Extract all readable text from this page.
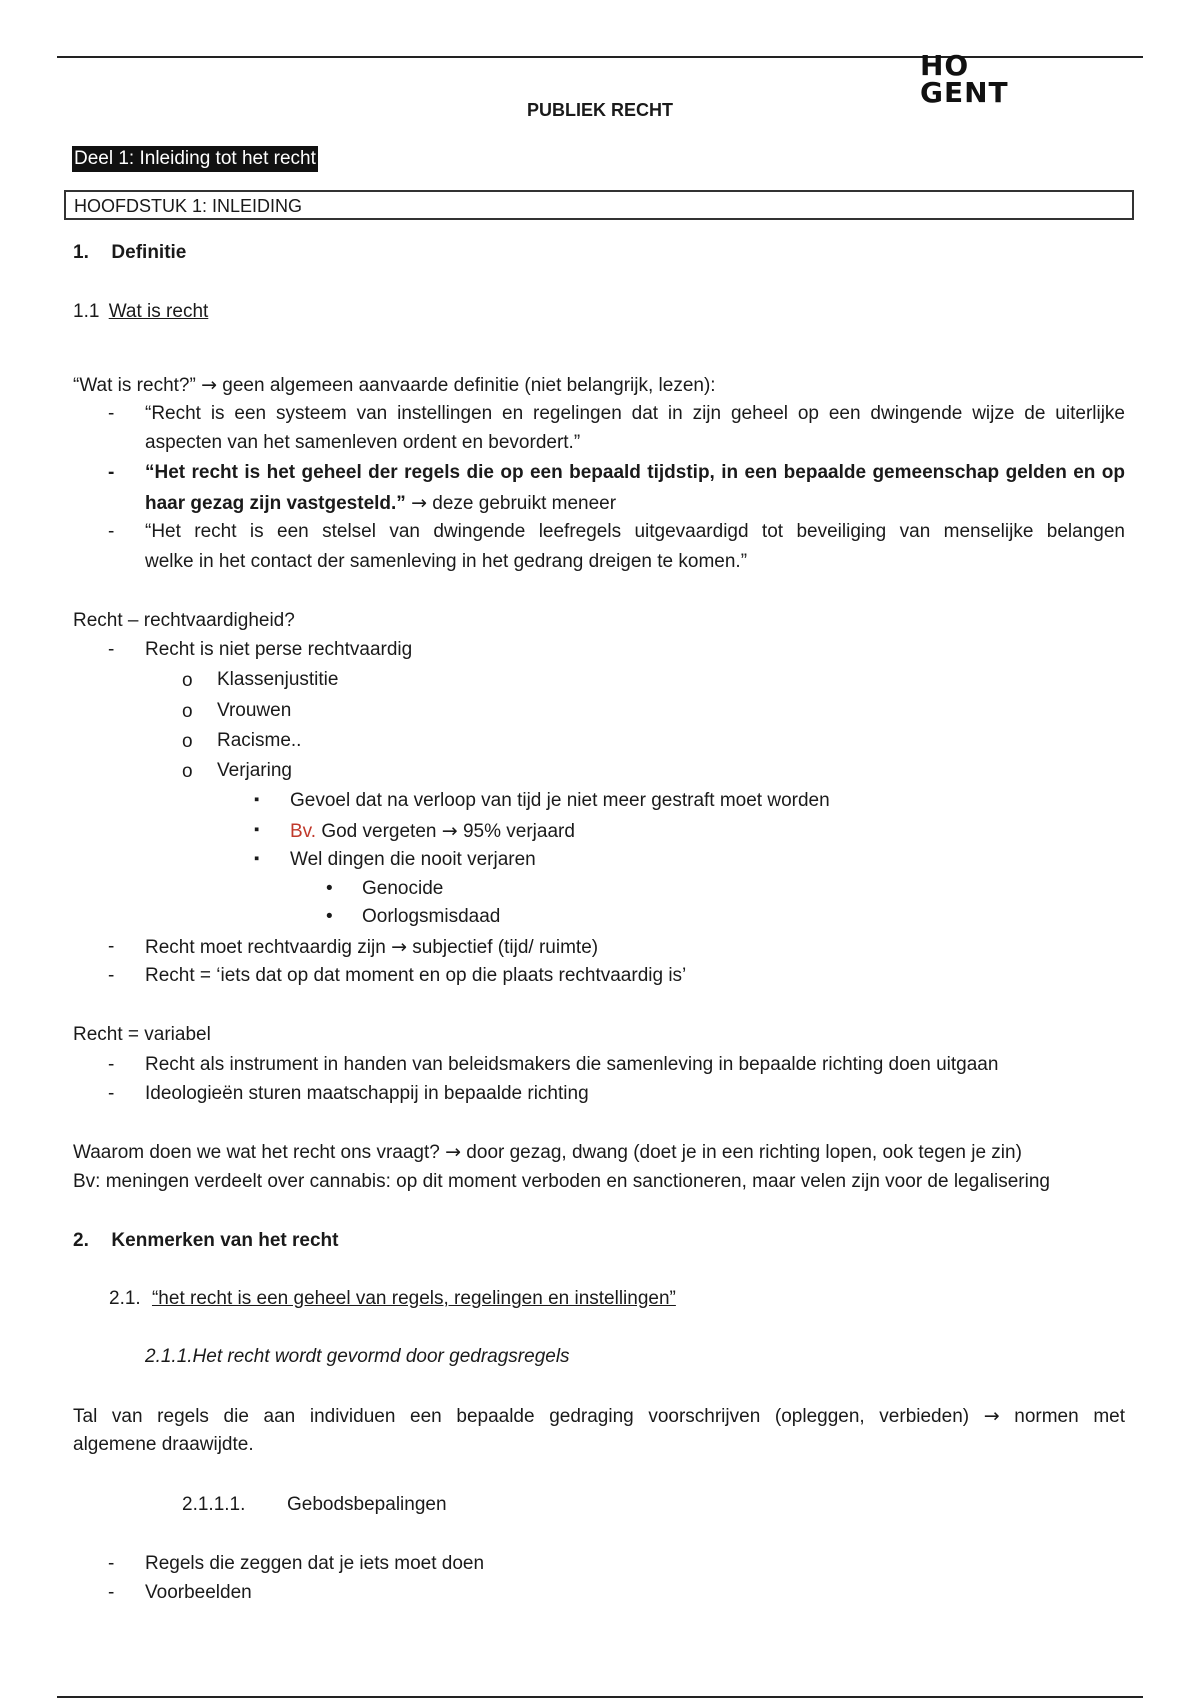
HO
GENT
PUBLIEK RECHT
Deel 1: Inleiding tot het recht
HOOFDSTUK 1: INLEIDING
1. Definitie
1.1 Wat is recht
“Wat is recht?” → geen algemeen aanvaarde definitie (niet belangrijk, lezen):
- “Recht is een systeem van instellingen en regelingen dat in zijn geheel op een dwingende wijze de uiterlijke
aspecten van het samenleven ordent en bevordert.”
- “Het recht is het geheel der regels die op een bepaald tijdstip, in een bepaalde gemeenschap gelden en op
haar gezag zijn vastgesteld.” → deze gebruikt meneer
- “Het recht is een stelsel van dwingende leefregels uitgevaardigd tot beveiliging van menselijke belangen
welke in het contact der samenleving in het gedrang dreigen te komen.”
Recht – rechtvaardigheid?
- Recht is niet perse rechtvaardig
o Klassenjustitie
o Vrouwen
o Racisme..
o Verjaring
▪ Gevoel dat na verloop van tijd je niet meer gestraft moet worden
▪ Bv. God vergeten → 95% verjaard
▪ Wel dingen die nooit verjaren
• Genocide
• Oorlogsmisdaad
- Recht moet rechtvaardig zijn → subjectief (tijd/ ruimte)
- Recht = ‘iets dat op dat moment en op die plaats rechtvaardig is’
Recht = variabel
- Recht als instrument in handen van beleidsmakers die samenleving in bepaalde richting doen uitgaan
- Ideologieën sturen maatschappij in bepaalde richting
Waarom doen we wat het recht ons vraagt? → door gezag, dwang (doet je in een richting lopen, ook tegen je zin)
Bv: meningen verdeelt over cannabis: op dit moment verboden en sanctioneren, maar velen zijn voor de legalisering
2. Kenmerken van het recht
2.1. “het recht is een geheel van regels, regelingen en instellingen”
2.1.1.Het recht wordt gevormd door gedragsregels
Tal van regels die aan individuen een bepaalde gedraging voorschrijven (opleggen, verbieden) → normen met
algemene draawijdte.
2.1.1.1. Gebodsbepalingen
- Regels die zeggen dat je iets moet doen
- Voorbeelden
